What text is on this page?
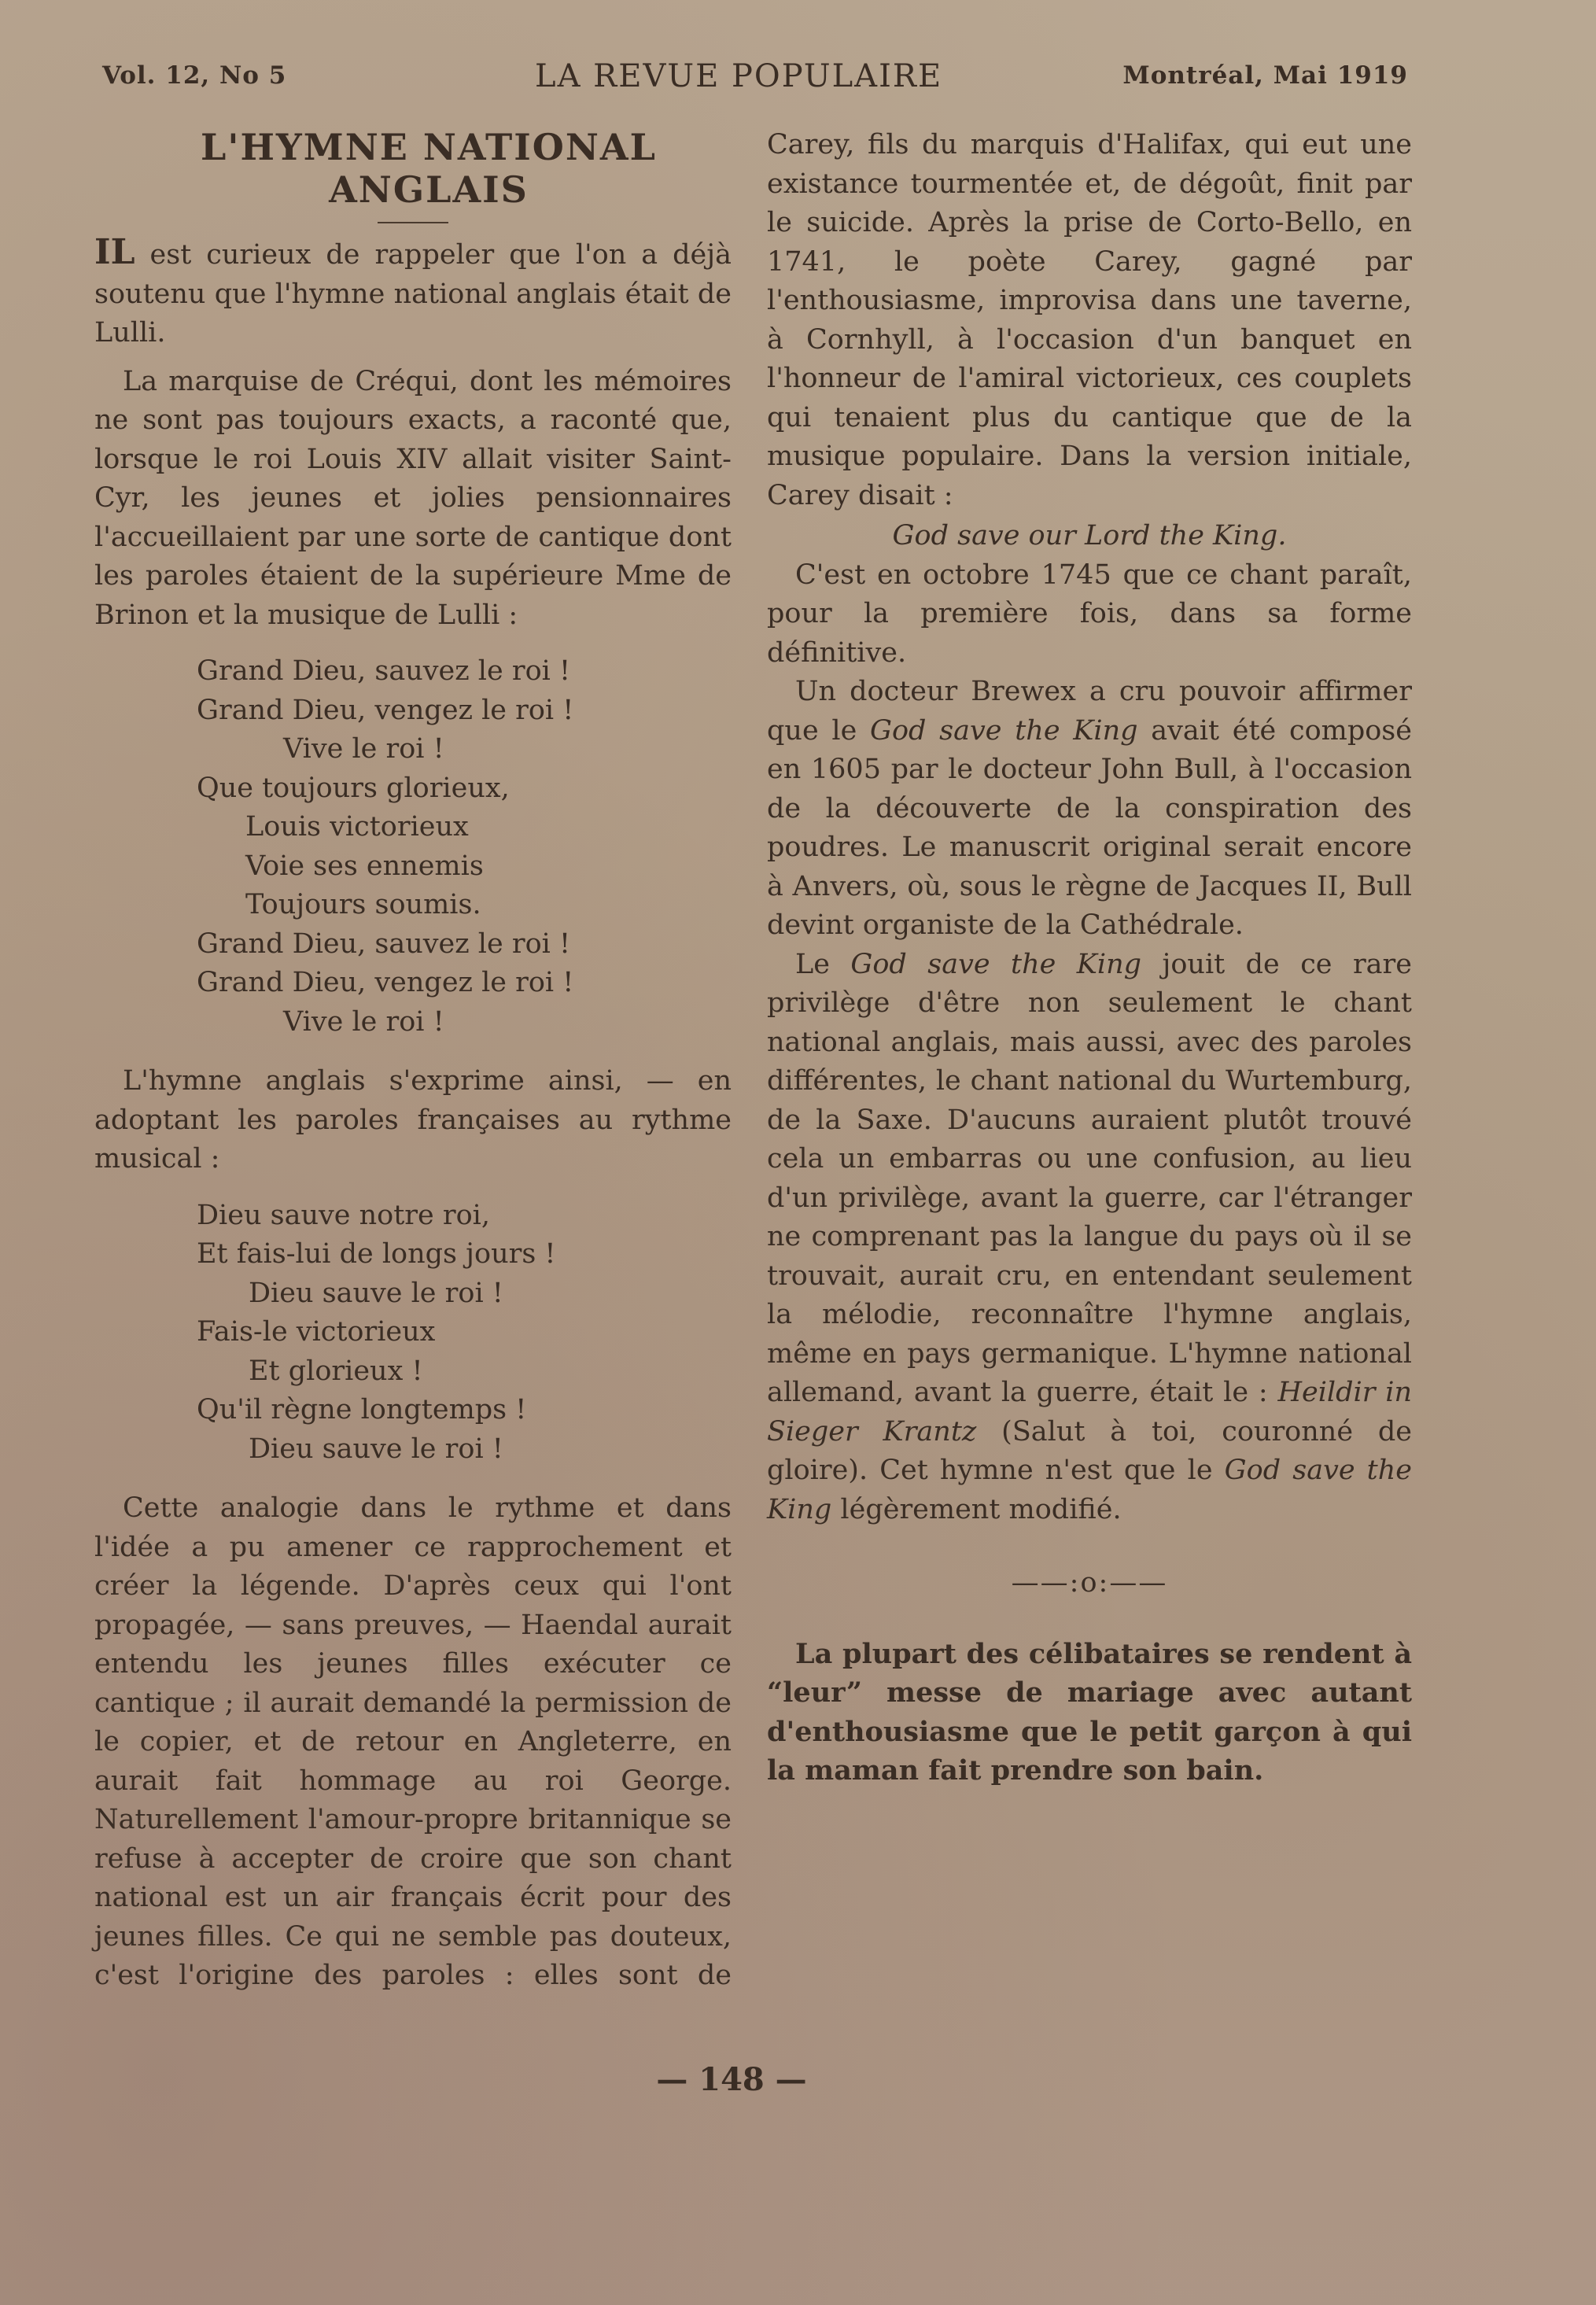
Vol. 12, No 5	LA REVUE POPULAIRE	Montréal, Mai 1919
L'HYMNE NATIONAL
ANGLAIS

IL est curieux de rappeler que l'on a déjà soutenu que l'hymne national anglais était de Lulli.

La marquise de Créqui, dont les mémoires ne sont pas toujours exacts, a raconté que, lorsque le roi Louis XIV allait visiter Saint-Cyr, les jeunes et jolies pensionnaires l'accueillaient par une sorte de cantique dont les paroles étaient de la supérieure Mme de Brinon et la musique de Lulli :

Grand Dieu, sauvez le roi !
Grand Dieu, vengez le roi !
Vive le roi !
Que toujours glorieux,
Louis victorieux
Voie ses ennemis
Toujours soumis.
Grand Dieu, sauvez le roi !
Grand Dieu, vengez le roi !
Vive le roi !

L'hymne anglais s'exprime ainsi, — en adoptant les paroles françaises au rythme musical :

Dieu sauve notre roi,
Et fais-lui de longs jours !
Dieu sauve le roi !
Fais-le victorieux
Et glorieux !
Qu'il règne longtemps !
Dieu sauve le roi !

Cette analogie dans le rythme et dans l'idée a pu amener ce rapprochement et créer la légende. D'après ceux qui l'ont propagée, — sans preuves, — Haendal aurait entendu les jeunes filles exécuter ce cantique ; il aurait demandé la permission de le copier, et de retour en Angleterre, en aurait fait hommage au roi George. Naturellement l'amour-propre britannique se refuse à accepter de croire que son chant national est un air français écrit pour des jeunes filles. Ce qui ne semble pas douteux, c'est l'origine des paroles : elles sont de

Carey, fils du marquis d'Halifax, qui eut une existance tourmentée et, de dégoût, finit par le suicide. Après la prise de Corto-Bello, en 1741, le poète Carey, gagné par l'enthousiasme, improvisa dans une taverne, à Cornhyll, à l'occasion d'un banquet en l'honneur de l'amiral victorieux, ces couplets qui tenaient plus du cantique que de la musique populaire. Dans la version initiale, Carey disait :

God save our Lord the King.

C'est en octobre 1745 que ce chant paraît, pour la première fois, dans sa forme définitive.

Un docteur Brewex a cru pouvoir affirmer que le God save the King avait été composé en 1605 par le docteur John Bull, à l'occasion de la découverte de la conspiration des poudres. Le manuscrit original serait encore à Anvers, où, sous le règne de Jacques II, Bull devint organiste de la Cathédrale.

Le God save the King jouit de ce rare privilège d'être non seulement le chant national anglais, mais aussi, avec des paroles différentes, le chant national du Wurtemburg, de la Saxe. D'aucuns auraient plutôt trouvé cela un embarras ou une confusion, au lieu d'un privilège, avant la guerre, car l'étranger ne comprenant pas la langue du pays où il se trouvait, aurait cru, en entendant seulement la mélodie, reconnaître l'hymne anglais, même en pays germanique. L'hymne national allemand, avant la guerre, était le : Heildir in Sieger Krantz (Salut à toi, couronné de gloire). Cet hymne n'est que le God save the King légèrement modifié.

——:o:——

La plupart des célibataires se rendent à “leur” messe de mariage avec autant d'enthousiasme que le petit garçon à qui la maman fait prendre son bain.

— 148 —
